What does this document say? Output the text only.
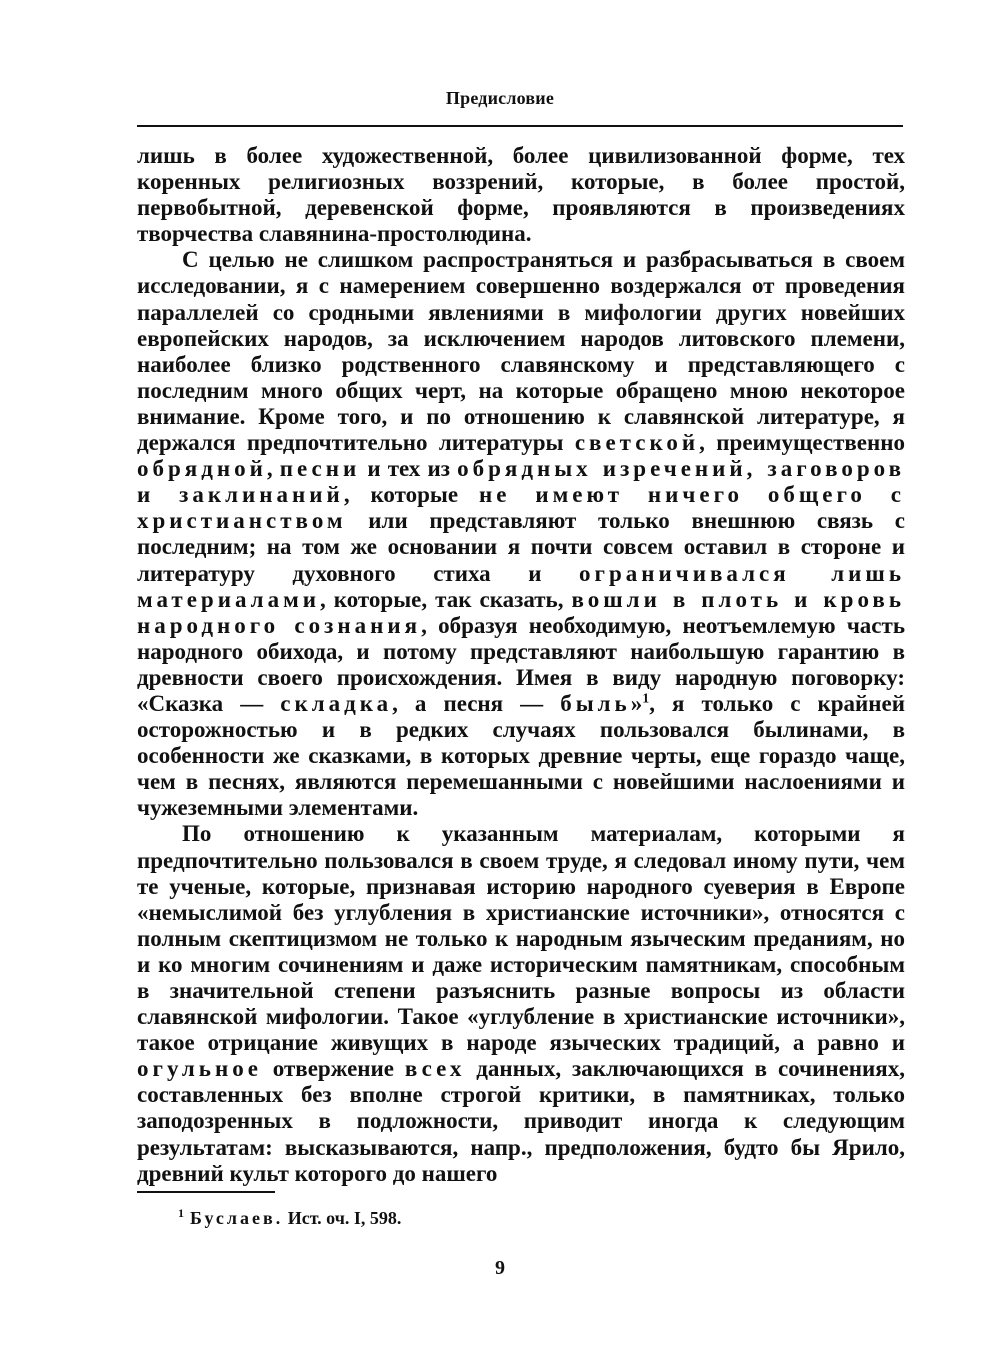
Предисловие

лишь в более художественной, более цивилизованной форме, тех коренных религиозных воззрений, которые, в более простой, первобытной, деревенской форме, проявляются в произведениях творчества славянина-простолюдина.

С целью не слишком распространяться и разбрасываться в своем исследовании, я с намерением совершенно воздержался от проведения параллелей со сродными явлениями в мифологии других новейших европейских народов, за исключением народов литовского племени, наиболее близко родственного славянскому и представляющего с последним много общих черт, на которые обращено мною некоторое внимание. Кроме того, и по отношению к славянской литературе, я держался предпочтительно литературы светской, преимущественно обрядной, песни и тех из обрядных изречений, заговоров и заклинаний, которые не имеют ничего общего с христианством или представляют только внешнюю связь с последним; на том же основании я почти совсем оставил в стороне и литературу духовного стиха и ограничивался лишь материалами, которые, так сказать, вошли в плоть и кровь народного сознания, образуя необходимую, неотъемлемую часть народного обихода, и потому представляют наибольшую гарантию в древности своего происхождения. Имея в виду народную поговорку: «Сказка — складка, а песня — быль»$^1$, я только с крайней осторожностью и в редких случаях пользовался былинами, в особенности же сказками, в которых древние черты, еще гораздо чаще, чем в песнях, являются перемешанными с новейшими наслоениями и чужеземными элементами.

По отношению к указанным материалам, которыми я предпочтительно пользовался в своем труде, я следовал иному пути, чем те ученые, которые, признавая историю народного суеверия в Европе «немыслимой без углубления в христианские источники», относятся с полным скептицизмом не только к народным языческим преданиям, но и ко многим сочинениям и даже историческим памятникам, способным в значительной степени разъяснить разные вопросы из области славянской мифологии. Такое «углубление в христианские источники», такое отрицание живущих в народе языческих традиций, а равно и огульное отвержение всех данных, заключающихся в сочинениях, составленных без вполне строгой критики, в памятниках, только заподозренных в подложности, приводит иногда к следующим результатам: высказываются, напр., предположения, будто бы Ярило, древний культ которого до нашего

$^1$ Буслаев. Ист. оч. I, 598.
9
